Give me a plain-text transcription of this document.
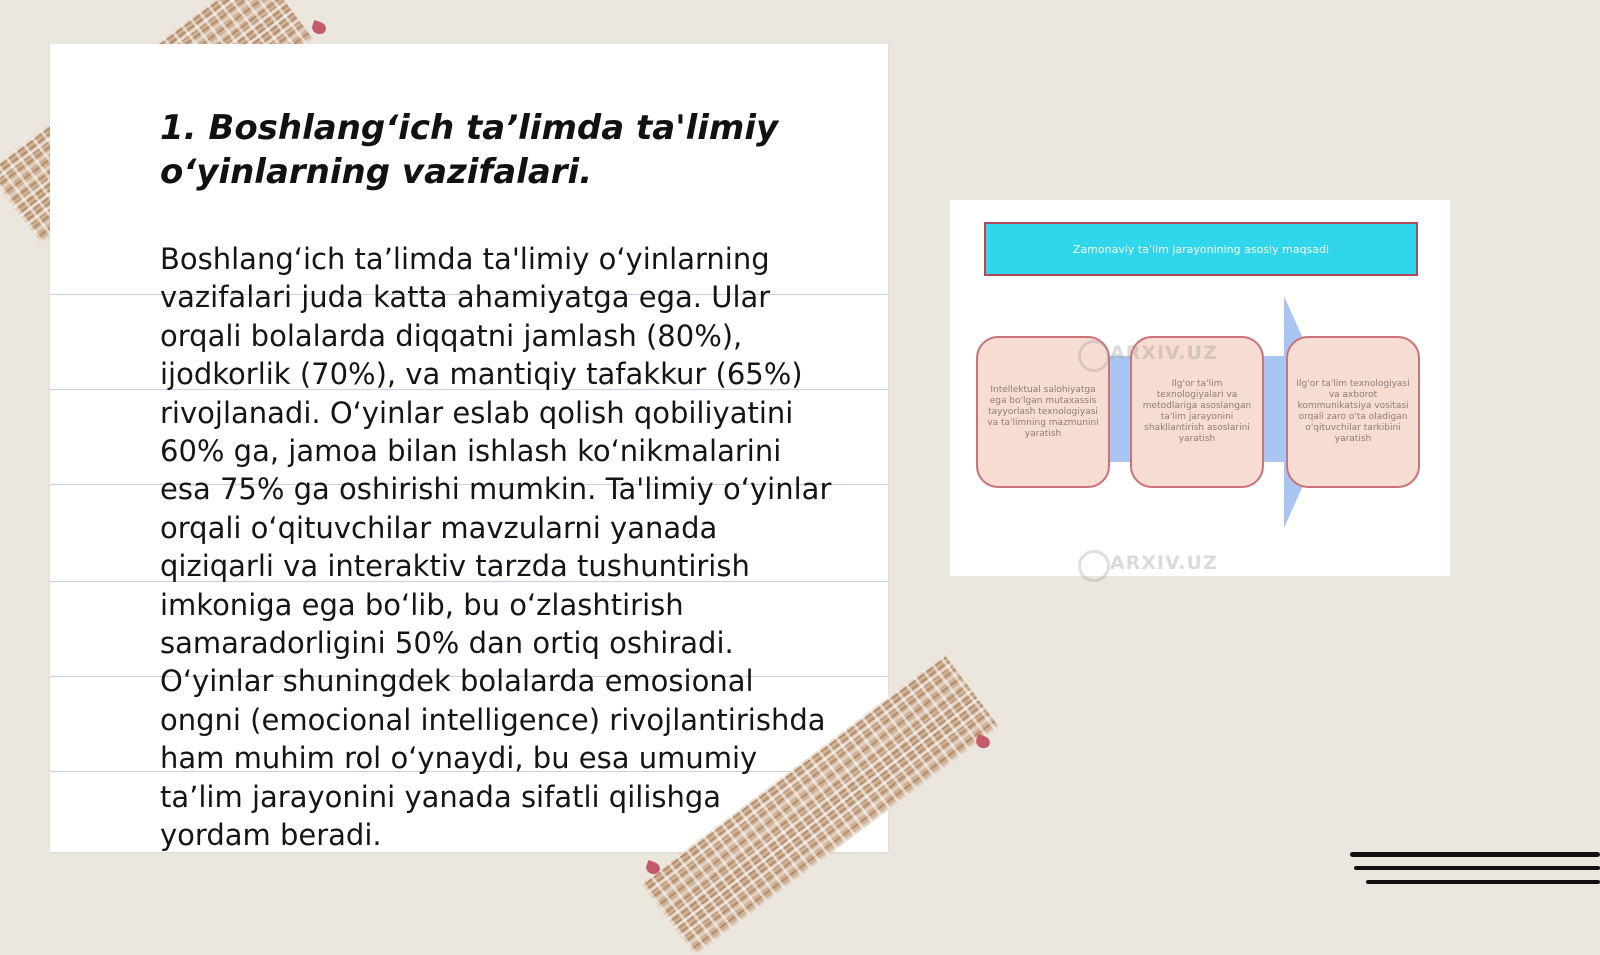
1. Boshlang‘ich ta’limda ta'limiy o‘yinlarning vazifalari.

Boshlang‘ich ta’limda ta'limiy o‘yinlarning vazifalari juda katta ahamiyatga ega. Ular orqali bolalarda diqqatni jamlash (80%), ijodkorlik (70%), va mantiqiy tafakkur (65%) rivojlanadi. O‘yinlar eslab qolish qobiliyatini 60% ga, jamoa bilan ishlash ko‘nikmalarini esa 75% ga oshirishi mumkin. Ta'limiy o‘yinlar orqali o‘qituvchilar mavzularni yanada qiziqarli va interaktiv tarzda tushuntirish imkoniga ega bo‘lib, bu o‘zlashtirish samaradorligini 50% dan ortiq oshiradi. O‘yinlar shuningdek bolalarda emosional ongni (emocional intelligence) rivojlantirishda ham muhim rol o‘ynaydi, bu esa umumiy ta’lim jarayonini yanada sifatli qilishga yordam beradi.

Zamonaviy ta'lim jarayonining asosiy maqsadi
Intellektual salohiyatga ega bo'lgan mutaxassis tayyorlash texnologiyasi va ta'limning mazmunini yaratish
Ilg'or ta'lim texnologiyalari va metodlariga asoslangan ta'lim jarayonini shakllantirish asoslarini yaratish
Ilg'or ta'lim texnologiyasi va axborot kommunikatsiya vositasi orqali zaro o'ta oladigan o'qituvchilar tarkibini yaratish
ARXIV.UZ
ARXIV.UZ
